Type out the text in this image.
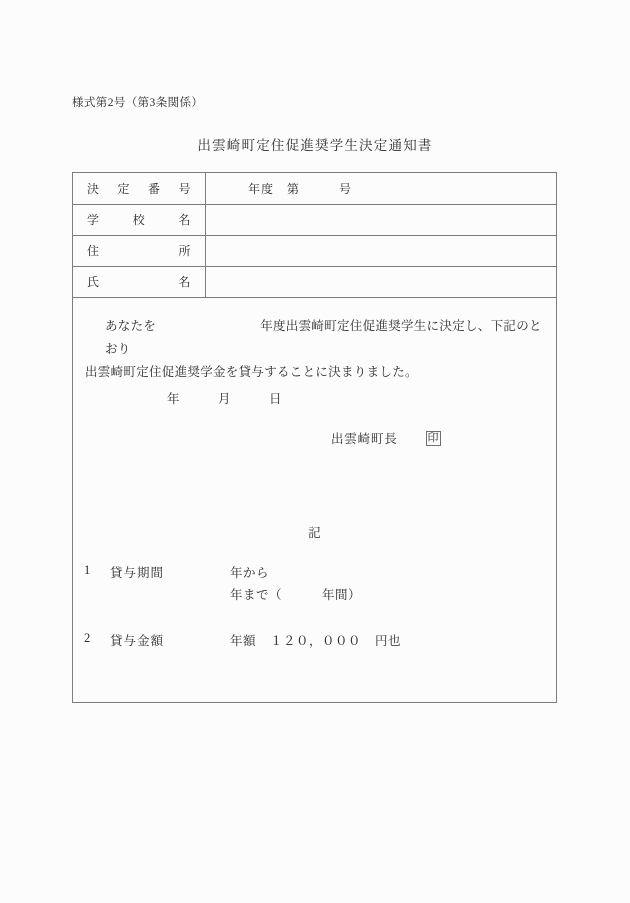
様式第2号（第3条関係）
出雲崎町定住促進奨学生決定通知書
決 定 番 号	年度　第　　　号

学 校 名	

住 所	

氏 名	

あなたを	年度出雲崎町定住促進奨学生に決定し、下記のとおり
出雲崎町定住促進奨学金を貸与することに決まりました。
年	月	日
出雲崎町長	印
記
1	貸与期間	年から
年まで（	年間）
2	貸与金額	年額 １２０，０００ 円也
